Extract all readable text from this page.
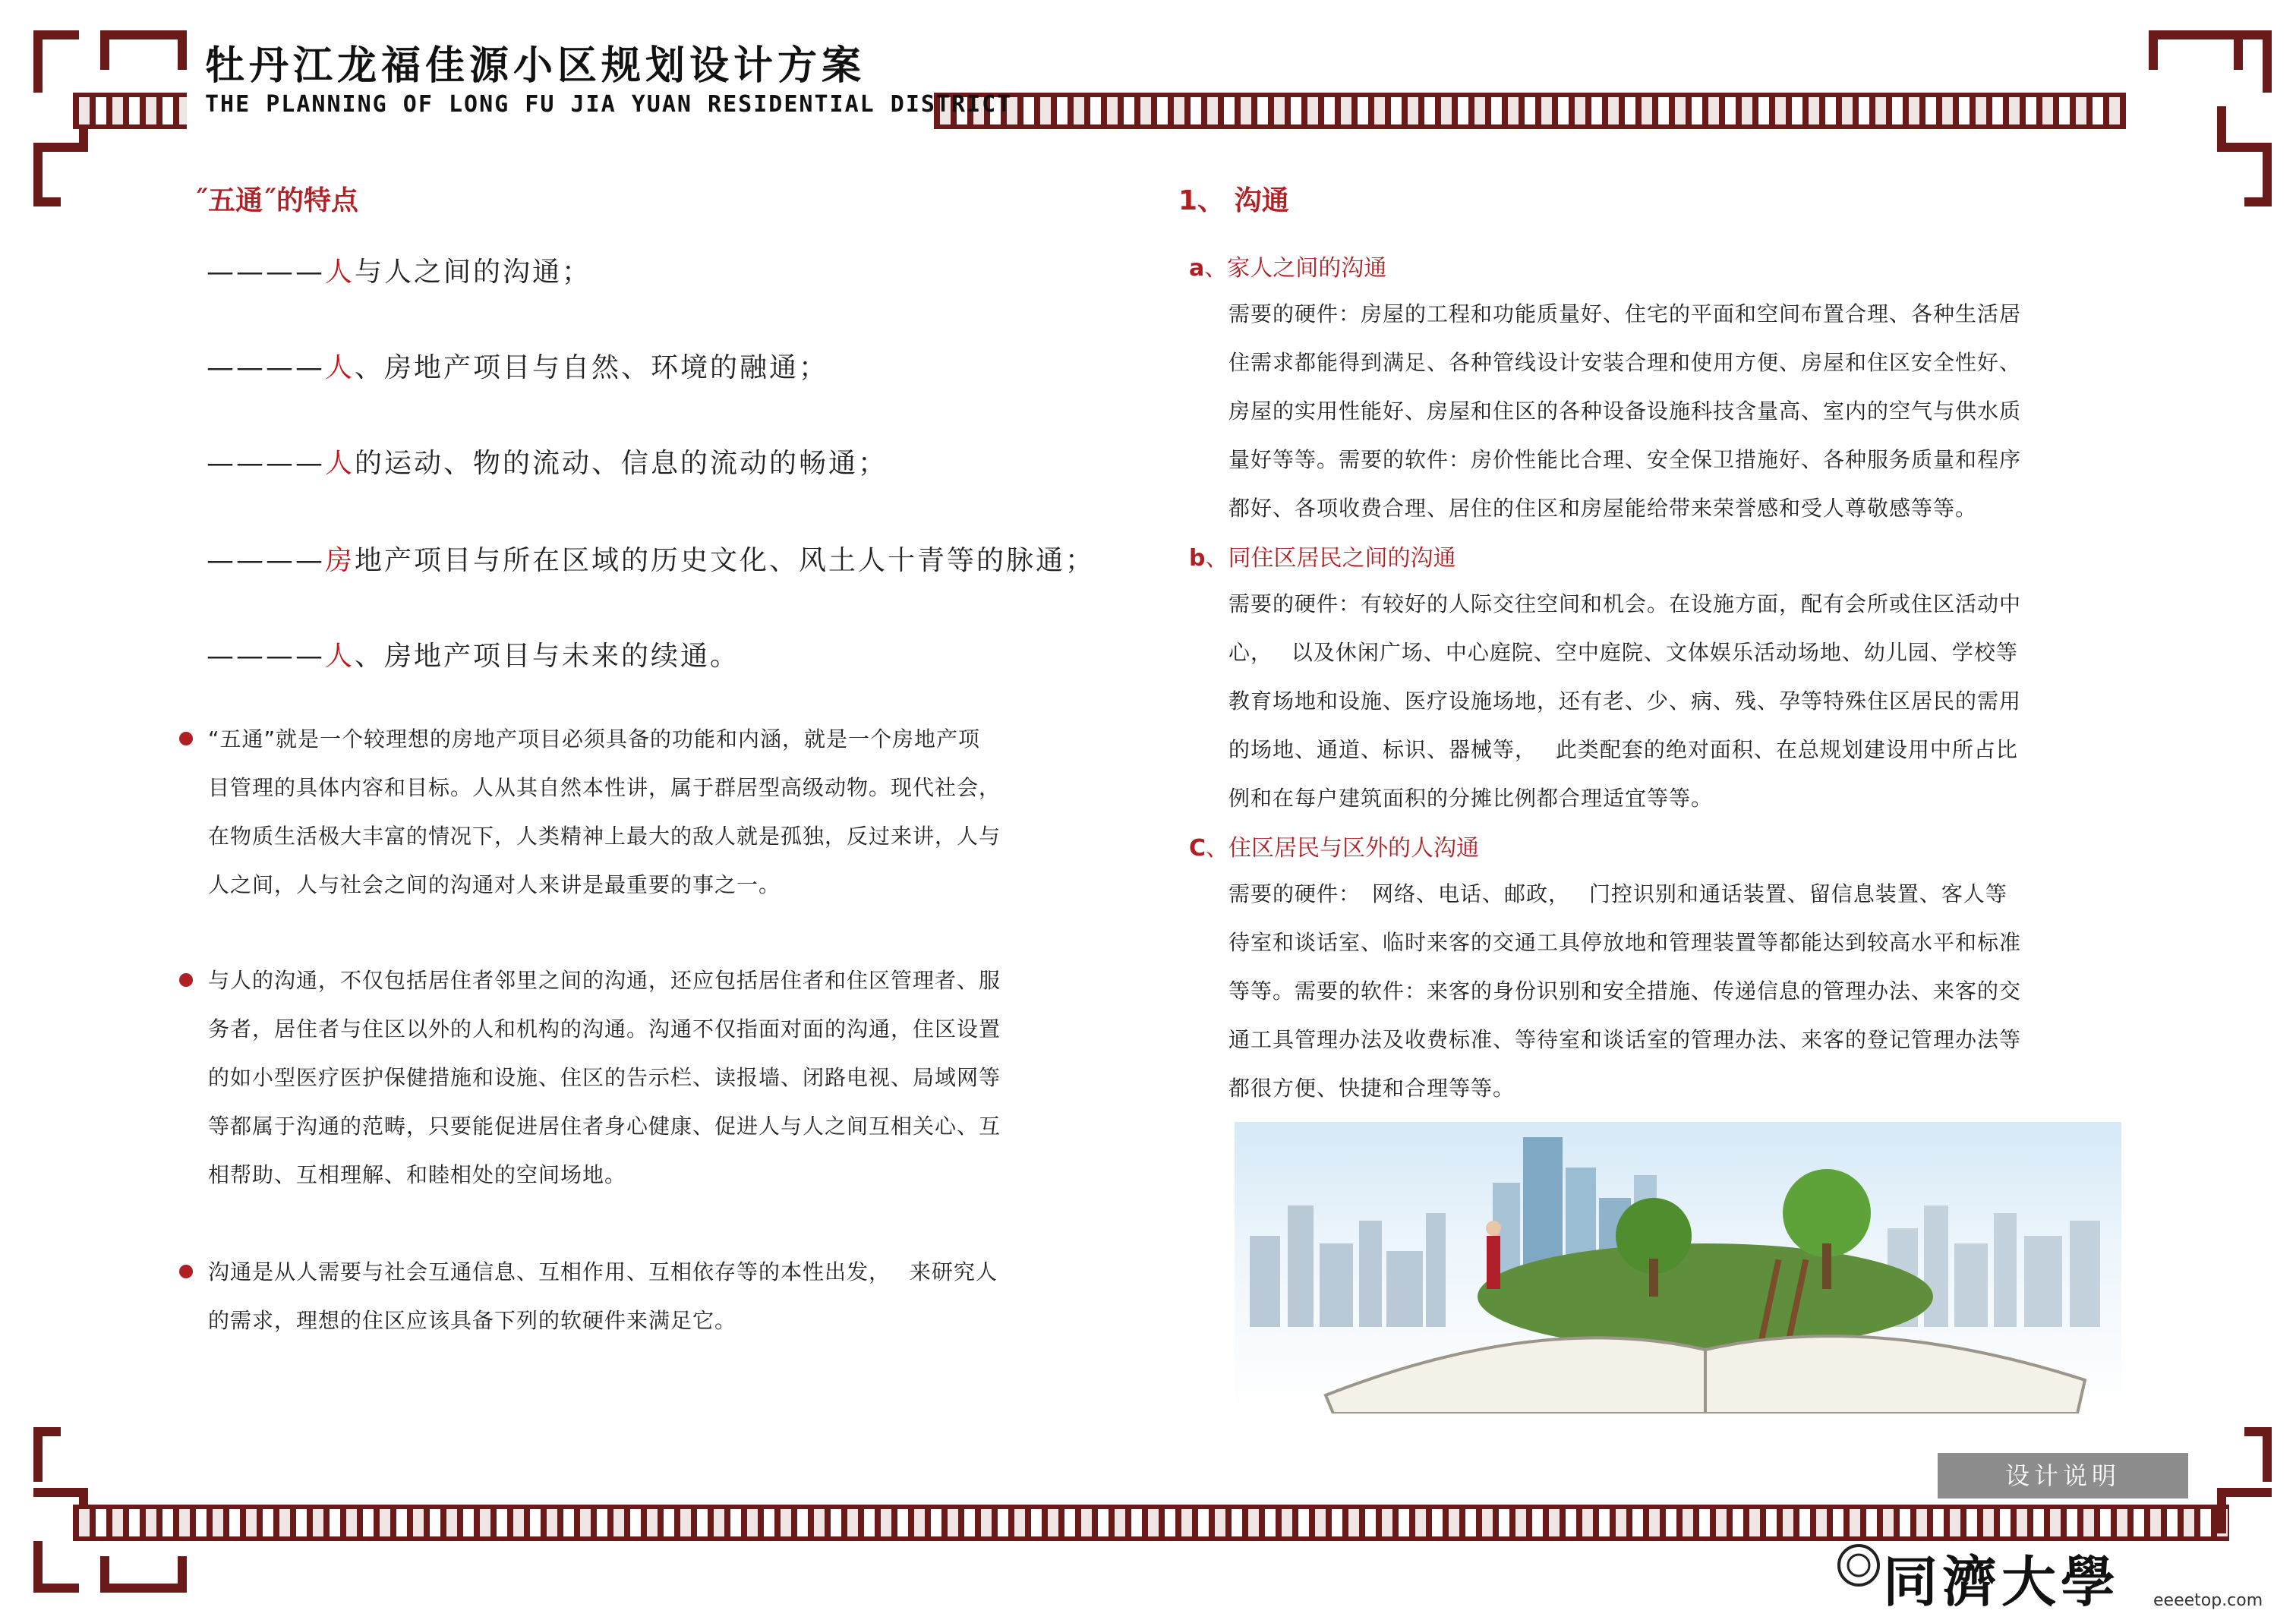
牡丹江龙福佳源小区规划设计方案
THE PLANNING OF LONG FU JIA YUAN RESIDENTIAL DISTRICT
˝五通˝的特点
————人与人之间的沟通；
————人、房地产项目与自然、环境的融通；
————人的运动、物的流动、信息的流动的畅通；
————房地产项目与所在区域的历史文化、风土人十青等的脉通；
————人、房地产项目与未来的续通。
“五通”就是一个较理想的房地产项目必须具备的功能和内涵，就是一个房地产项
目管理的具体内容和目标。人从其自然本性讲，属于群居型高级动物。现代社会，
在物质生活极大丰富的情况下，人类精神上最大的敌人就是孤独，反过来讲，人与
人之间，人与社会之间的沟通对人来讲是最重要的事之一。
与人的沟通，不仅包括居住者邻里之间的沟通，还应包括居住者和住区管理者、服
务者，居住者与住区以外的人和机构的沟通。沟通不仅指面对面的沟通，住区设置
的如小型医疗医护保健措施和设施、住区的告示栏、读报墙、闭路电视、局域网等
等都属于沟通的范畴，只要能促进居住者身心健康、促进人与人之间互相关心、互
相帮助、互相理解、和睦相处的空间场地。
沟通是从人需要与社会互通信息、互相作用、互相依存等的本性出发，　 来研究人
的需求，理想的住区应该具备下列的软硬件来满足它。
1、 沟通
a、家人之间的沟通
需要的硬件：房屋的工程和功能质量好、住宅的平面和空间布置合理、各种生活居
住需求都能得到满足、各种管线设计安装合理和使用方便、房屋和住区安全性好、
房屋的实用性能好、房屋和住区的各种设备设施科技含量高、室内的空气与供水质
量好等等。需要的软件：房价性能比合理、安全保卫措施好、各种服务质量和程序
都好、各项收费合理、居住的住区和房屋能给带来荣誉感和受人尊敬感等等。
b、同住区居民之间的沟通
需要的硬件：有较好的人际交往空间和机会。在设施方面，配有会所或住区活动中
心，　 以及休闲广场、中心庭院、空中庭院、文体娱乐活动场地、幼儿园、学校等
教育场地和设施、医疗设施场地，还有老、少、病、残、孕等特殊住区居民的需用
的场地、通道、标识、器械等，　 此类配套的绝对面积、在总规划建设用中所占比
例和在每户建筑面积的分摊比例都合理适宜等等。
C、住区居民与区外的人沟通
需要的硬件：　网络、电话、邮政，　 门控识别和通话装置、留信息装置、客人等
待室和谈话室、临时来客的交通工具停放地和管理装置等都能达到较高水平和标准
等等。需要的软件：来客的身份识别和安全措施、传递信息的管理办法、来客的交
通工具管理办法及收费标准、等待室和谈话室的管理办法、来客的登记管理办法等
都很方便、快捷和合理等等。
设计说明
同濟大學 eeeetop.com
